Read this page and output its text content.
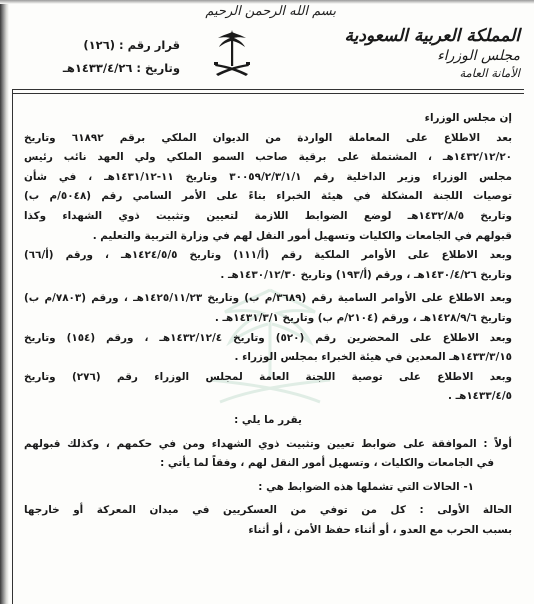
بسم الله الرحمن الرحيم
قرار رقم : (١٢٦)
وتاريخ : ١٤٣٣/٤/٢٦هـ
المملكة العربية السعودية
مجلس الوزراء
الأمانة العامة
إن مجلس الوزراء
بعد الاطلاع على المعاملة الواردة من الديوان الملكي برقم ٦١٨٩٢ وتاريخ
١٤٣٢/١٢/٢٠هـ ، المشتملة على برقية صاحب السمو الملكي ولي العهد نائب رئيس
مجلس الوزراء وزير الداخلية رقم ٣٠٠٥٩/٢/٣/١/١ وتاريخ ١١-١٤٣١/١٢هـ ، في شأن
توصيات اللجنة المشكلة في هيئة الخبراء بناءً على الأمر السامي رقم (٥٠٤٨/م ب)
وتاريخ ١٤٣٢/٨/٥هـ لوضع الضوابط اللازمة لتعيين وتثبيت ذوي الشهداء وكذا
قبولهم في الجامعات والكليات وتسهيل أمور النقل لهم في وزارة التربية والتعليم .
وبعد الاطلاع على الأوامر الملكية رقم (أ/١١١) وتاريخ ١٤٢٤/٥/٥هـ ، ورقم (أ/٦٦)
وتاريخ ١٤٣٠/٤/٢٦هـ ، ورقم (أ/١٩٣) وتاريخ ١٤٣٠/١٢/٣٠هـ .
وبعد الاطلاع على الأوامر السامية رقم (٣٦٨٩/م ب) وتاريخ ١٤٢٥/١١/٢٣هـ ، ورقم (٧٨٠٣/م ب)
وتاريخ ١٤٢٨/٩/٦هـ ، ورقم (٢١٠٤/م ب) وتاريخ ١٤٣١/٣/١هـ .
وبعد الاطلاع على المحضرين رقم (٥٢٠) وتاريخ ١٤٣٢/١٢/٤هـ ، ورقم (١٥٤) وتاريخ
١٤٣٣/٣/١٥هـ المعدين في هيئة الخبراء بمجلس الوزراء .
وبعد الاطلاع على توصية اللجنة العامة لمجلس الوزراء رقم (٢٧٦) وتاريخ
١٤٣٣/٤/٥هـ .
يقرر ما يلي :
أولاً : الموافقة على ضوابط تعيين وتثبيت ذوي الشهداء ومن في حكمهم ، وكذلك قبولهم
في الجامعات والكليات ، وتسهيل أمور النقل لهم ، وفقاً لما يأتي :
١- الحالات التي تشملها هذه الضوابط هي :
الحالة الأولى : كل من توفي من العسكريين في ميدان المعركة أو خارجها
بسبب الحرب مع العدو ، أو أثناء حفظ الأمن ، أو أثناء
